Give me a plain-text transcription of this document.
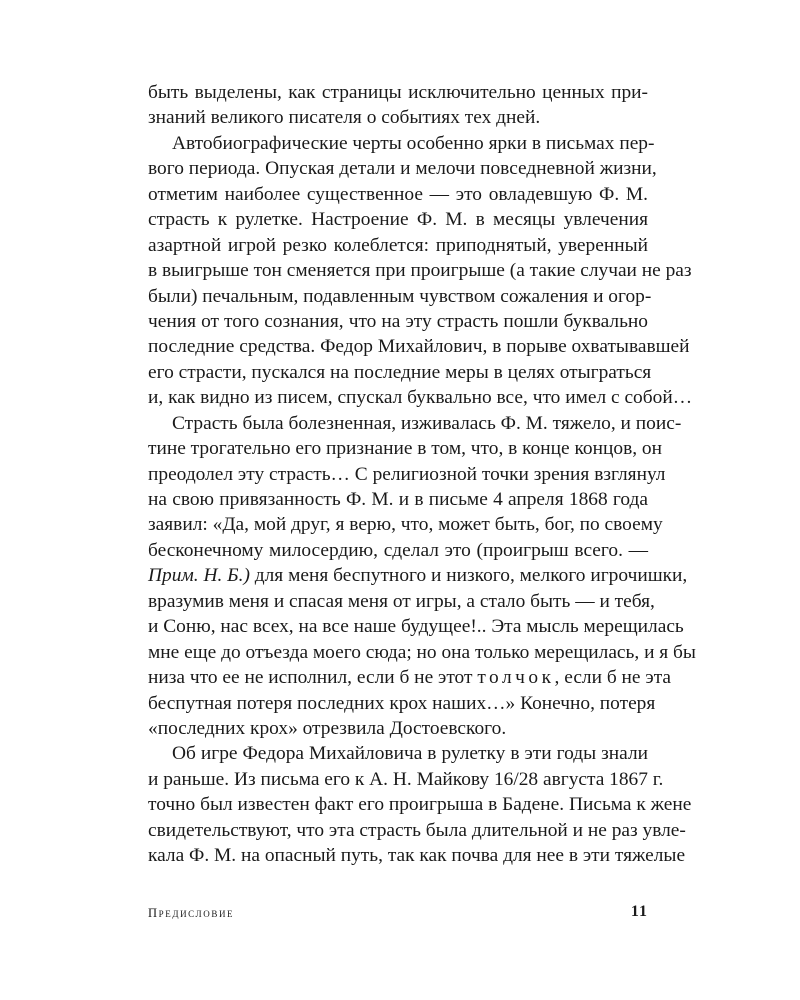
быть выделены, как страницы исключительно ценных при-
знаний великого писателя о событиях тех дней.
Автобиографические черты особенно ярки в письмах пер-
вого периода. Опуская детали и мелочи повседневной жизни,
отметим наиболее существенное — это овладевшую Ф. М.
страсть к рулетке. Настроение Ф. М. в месяцы увлечения
азартной игрой резко колеблется: приподнятый, уверенный
в выигрыше тон сменяется при проигрыше (а такие случаи не раз
были) печальным, подавленным чувством сожаления и огор-
чения от того сознания, что на эту страсть пошли буквально
последние средства. Федор Михайлович, в порыве охватывавшей
его страсти, пускался на последние меры в целях отыграться
и, как видно из писем, спускал буквально все, что имел с собой…
Страсть была болезненная, изживалась Ф. М. тяжело, и поис-
тине трогательно его признание в том, что, в конце концов, он
преодолел эту страсть… С религиозной точки зрения взглянул
на свою привязанность Ф. М. и в письме 4 апреля 1868 года
заявил: «Да, мой друг, я верю, что, может быть, бог, по своему
бесконечному милосердию, сделал это (проигрыш всего. —
Прим. Н. Б.) для меня беспутного и низкого, мелкого игрочишки,
вразумив меня и спасая меня от игры, а стало быть — и тебя,
и Соню, нас всех, на все наше будущее!.. Эта мысль мерещилась
мне еще до отъезда моего сюда; но она только мерещилась, и я бы
низа что ее не исполнил, если б не этот толчок, если б не эта
беспутная потеря последних крох наших…» Конечно, потеря
«последних крох» отрезвила Достоевского.
Об игре Федора Михайловича в рулетку в эти годы знали
и раньше. Из письма его к А. Н. Майкову 16/28 августа 1867 г.
точно был известен факт его проигрыша в Бадене. Письма к жене
свидетельствуют, что эта страсть была длительной и не раз увле-
кала Ф. М. на опасный путь, так как почва для нее в эти тяжелые
Предисловие	11
